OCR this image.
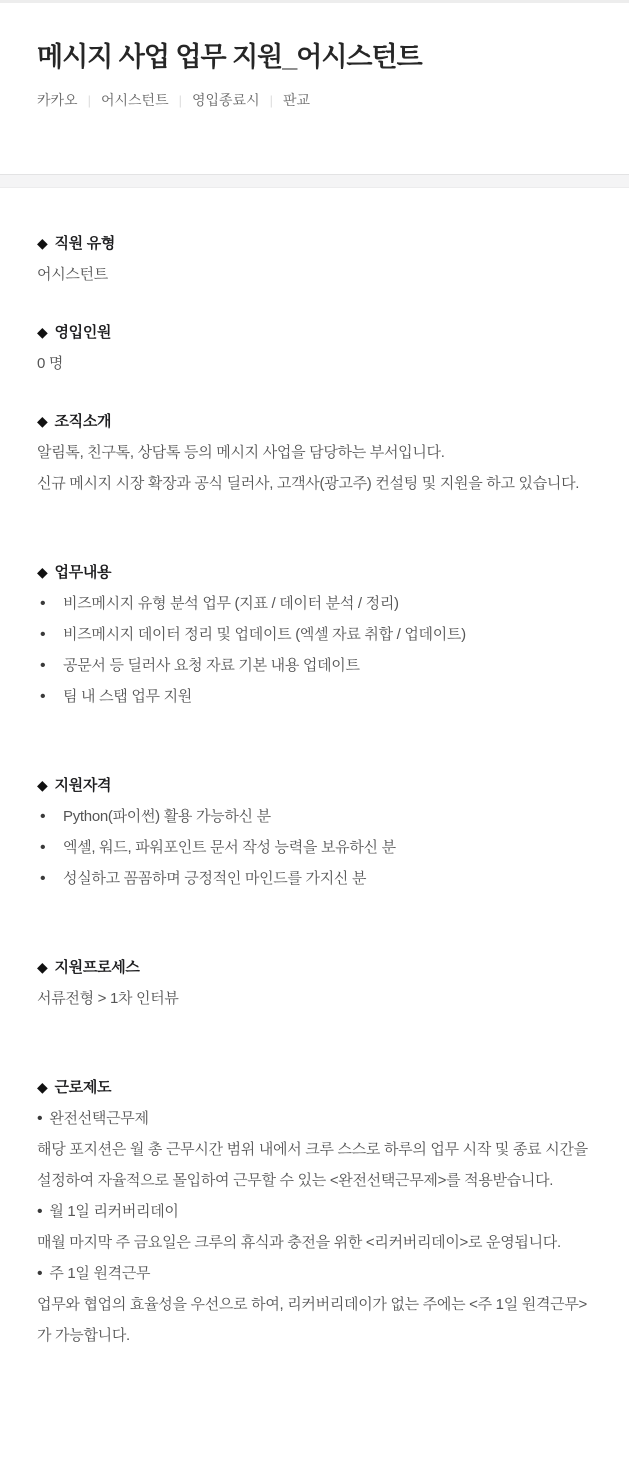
메시지 사업 업무 지원_어시스턴트
카카오 | 어시스턴트 | 영입종료시 | 판교
◆ 직원 유형

어시스턴트

◆ 영입인원

0 명

◆ 조직소개

알림톡, 친구톡, 상담톡 등의 메시지 사업을 담당하는 부서입니다.

신규 메시지 시장 확장과 공식 딜러사, 고객사(광고주) 컨설팅 및 지원을 하고 있습니다.

◆ 업무내용
•	비즈메시지 유형 분석 업무 (지표 / 데이터 분석 / 정리)
•	비즈메시지 데이터 정리 및 업데이트 (엑셀 자료 취합 / 업데이트)
•	공문서 등 딜러사 요청 자료 기본 내용 업데이트
•	팀 내 스탭 업무 지원
◆ 지원자격
•	Python(파이썬) 활용 가능하신 분
•	엑셀, 워드, 파워포인트 문서 작성 능력을 보유하신 분
•	성실하고 꼼꼼하며 긍정적인 마인드를 가지신 분
◆ 지원프로세스

서류전형 > 1차 인터뷰

◆ 근로제도

• 완전선택근무제

해당 포지션은 월 총 근무시간 범위 내에서 크루 스스로 하루의 업무 시작 및 종료 시간을 설정하여 자율적으로 몰입하여 근무할 수 있는 <완전선택근무제>를 적용받습니다.

• 월 1일 리커버리데이

매월 마지막 주 금요일은 크루의 휴식과 충전을 위한 <리커버리데이>로 운영됩니다.

• 주 1일 원격근무

업무와 협업의 효율성을 우선으로 하여, 리커버리데이가 없는 주에는 <주 1일 원격근무>가 가능합니다.
